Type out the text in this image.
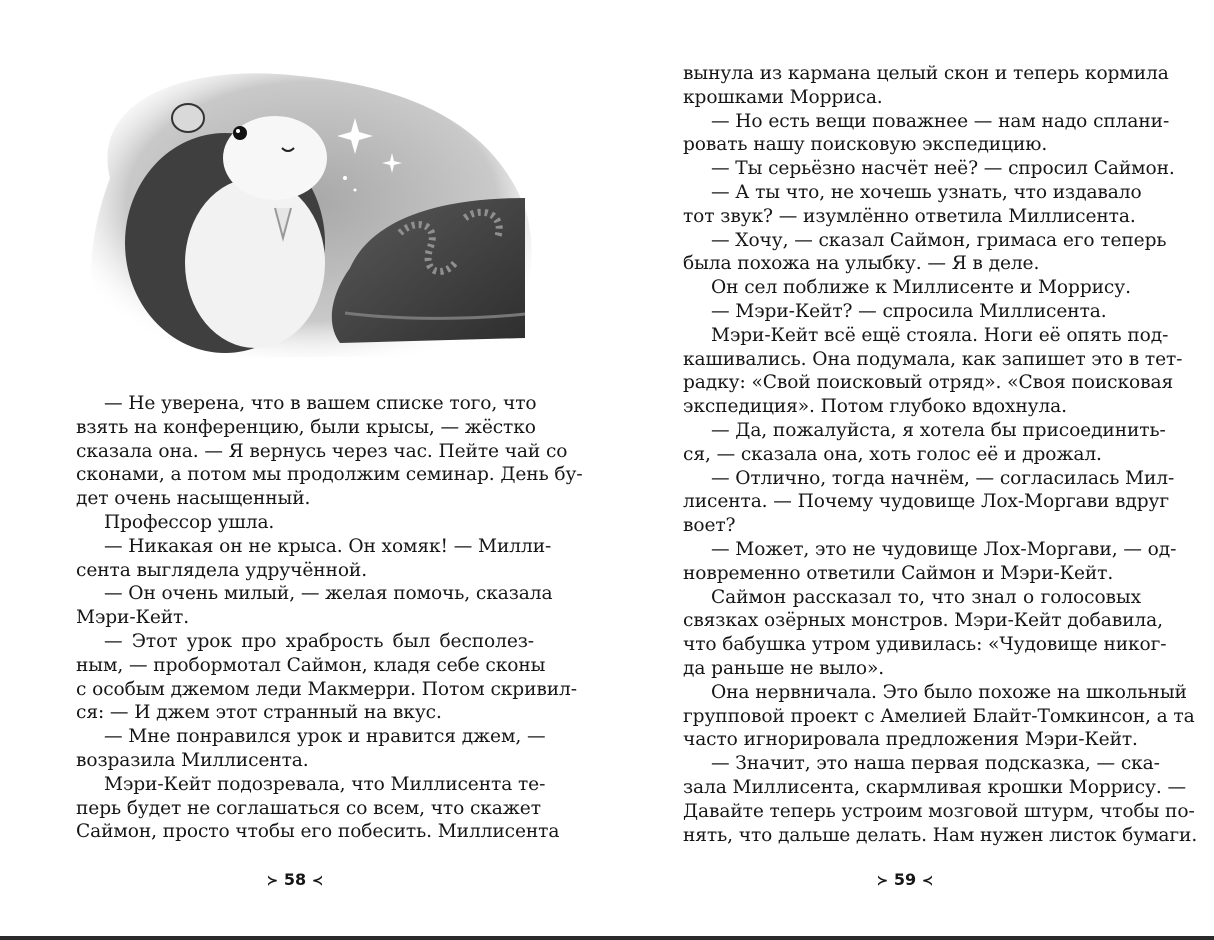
— Не уверена, что в вашем списке того, что
взять на конференцию, были крысы, — жёстко
сказала она. — Я вернусь через час. Пейте чай со
сконами, а потом мы продолжим семинар. День бу-
дет очень насыщенный.
Профессор ушла.
— Никакая он не крыса. Он хомяк! — Милли-
сента выглядела удручённой.
— Он очень милый, — желая помочь, сказала
Мэри-Кейт.
— Этот урок про храбрость был бесполез-
ным, — пробормотал Саймон, кладя себе сконы
с особым джемом леди Макмерри. Потом скривил-
ся: — И джем этот странный на вкус.
— Мне понравился урок и нравится джем, —
возразила Миллисента.
Мэри-Кейт подозревала, что Миллисента те-
перь будет не соглашаться со всем, что скажет
Саймон, просто чтобы его побесить. Миллисента
≻ 58 ≺
вынула из кармана целый скон и теперь кормила
крошками Морриса.
— Но есть вещи поважнее — нам надо сплани-
ровать нашу поисковую экспедицию.
— Ты серьёзно насчёт неё? — спросил Саймон.
— А ты что, не хочешь узнать, что издавало
тот звук? — изумлённо ответила Миллисента.
— Хочу, — сказал Саймон, гримаса его теперь
была похожа на улыбку. — Я в деле.
Он сел поближе к Миллисенте и Моррису.
— Мэри-Кейт? — спросила Миллисента.
Мэри-Кейт всё ещё стояла. Ноги её опять под-
кашивались. Она подумала, как запишет это в тет-
радку: «Свой поисковый отряд». «Своя поисковая
экспедиция». Потом глубоко вдохнула.
— Да, пожалуйста, я хотела бы присоединить-
ся, — сказала она, хоть голос её и дрожал.
— Отлично, тогда начнём, — согласилась Мил-
лисента. — Почему чудовище Лох-Моргави вдруг
воет?
— Может, это не чудовище Лох-Моргави, — од-
новременно ответили Саймон и Мэри-Кейт.
Саймон рассказал то, что знал о голосовых
связках озёрных монстров. Мэри-Кейт добавила,
что бабушка утром удивилась: «Чудовище никог-
да раньше не выло».
Она нервничала. Это было похоже на школьный
групповой проект с Амелией Блайт-Томкинсон, а та
часто игнорировала предложения Мэри-Кейт.
— Значит, это наша первая подсказка, — ска-
зала Миллисента, скармливая крошки Моррису. —
Давайте теперь устроим мозговой штурм, чтобы по-
нять, что дальше делать. Нам нужен листок бумаги.
≻ 59 ≺
